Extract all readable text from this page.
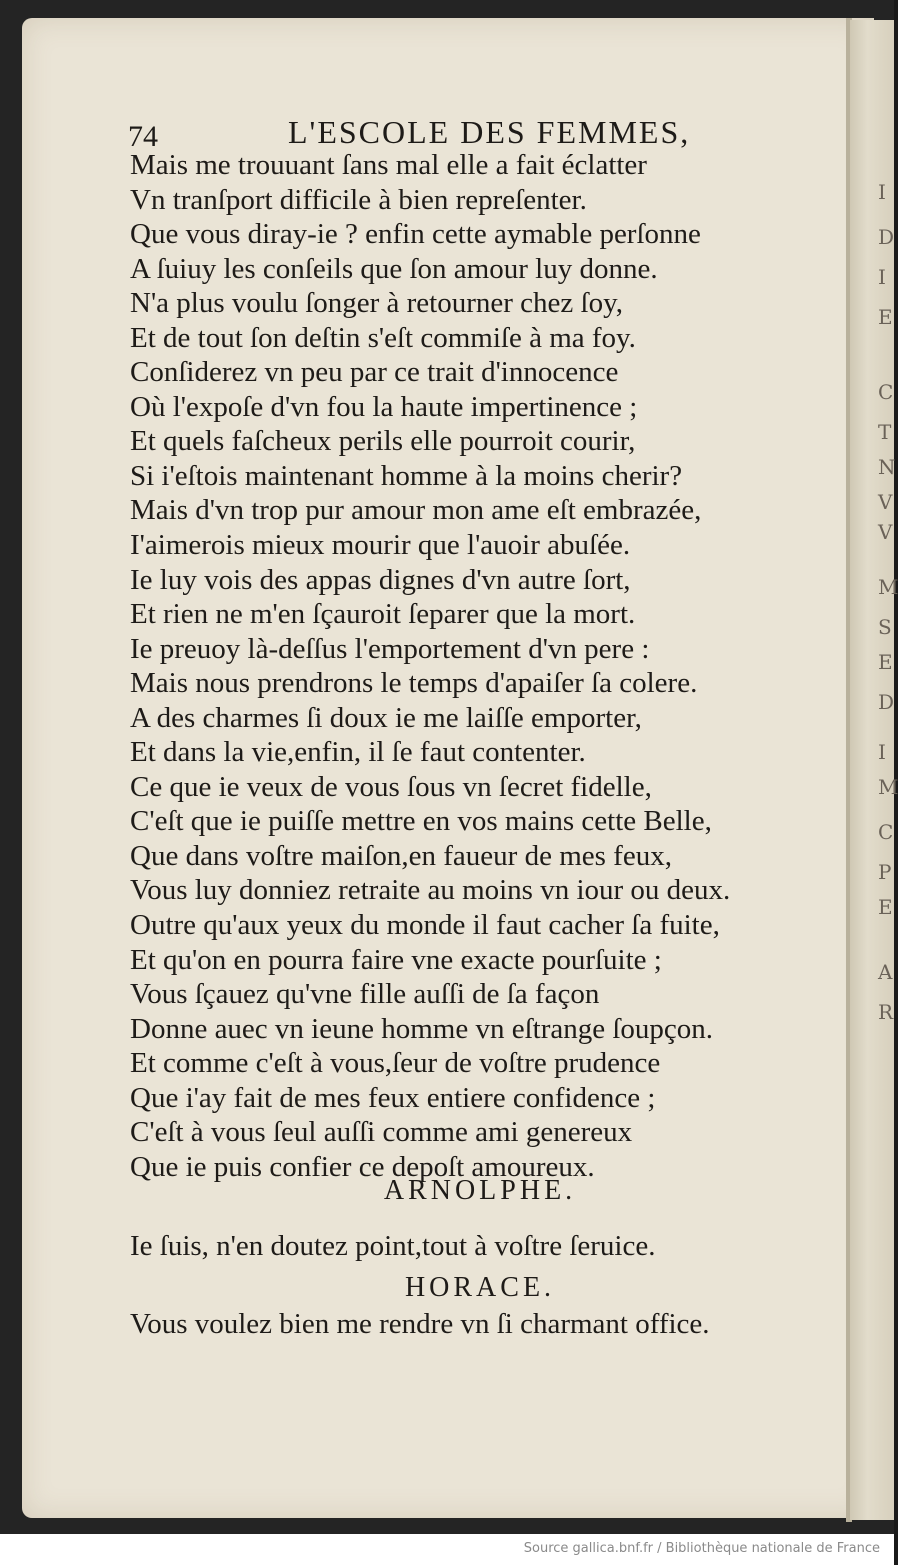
I
D
I
E
C
T
N
V
V
M
S
E
D
I
M
C
P
E
A
R
74	L'ESCOLE DES FEMMES,
Mais me trouuant ſans mal elle a fait éclatter
Vn tranſport difficile à bien repreſenter.
Que vous diray-ie ? enfin cette aymable perſonne
A ſuiuy les conſeils que ſon amour luy donne.
N'a plus voulu ſonger à retourner chez ſoy,
Et de tout ſon deſtin s'eſt commiſe à ma foy.
Conſiderez vn peu par ce trait d'innocence
Où l'expoſe d'vn fou la haute impertinence ;
Et quels faſcheux perils elle pourroit courir,
Si i'eſtois maintenant homme à la moins cherir?
Mais d'vn trop pur amour mon ame eſt embrazée,
I'aimerois mieux mourir que l'auoir abuſée.
Ie luy vois des appas dignes d'vn autre ſort,
Et rien ne m'en ſçauroit ſeparer que la mort.
Ie preuoy là-deſſus l'emportement d'vn pere :
Mais nous prendrons le temps d'apaiſer ſa colere.
A des charmes ſi doux ie me laiſſe emporter,
Et dans la vie,enfin, il ſe faut contenter.
Ce que ie veux de vous ſous vn ſecret fidelle,
C'eſt que ie puiſſe mettre en vos mains cette Belle,
Que dans voſtre maiſon,en faueur de mes feux,
Vous luy donniez retraite au moins vn iour ou deux.
Outre qu'aux yeux du monde il faut cacher ſa fuite,
Et qu'on en pourra faire vne exacte pourſuite ;
Vous ſçauez qu'vne fille auſſi de ſa façon
Donne auec vn ieune homme vn eſtrange ſoupçon.
Et comme c'eſt à vous,ſeur de voſtre prudence
Que i'ay fait de mes feux entiere confidence ;
C'eſt à vous ſeul auſſi comme ami genereux
Que ie puis confier ce depoſt amoureux.
ARNOLPHE.
Ie ſuis, n'en doutez point,tout à voſtre ſeruice.
HORACE.
Vous voulez bien me rendre vn ſi charmant office.
Source gallica.bnf.fr / Bibliothèque nationale de France
